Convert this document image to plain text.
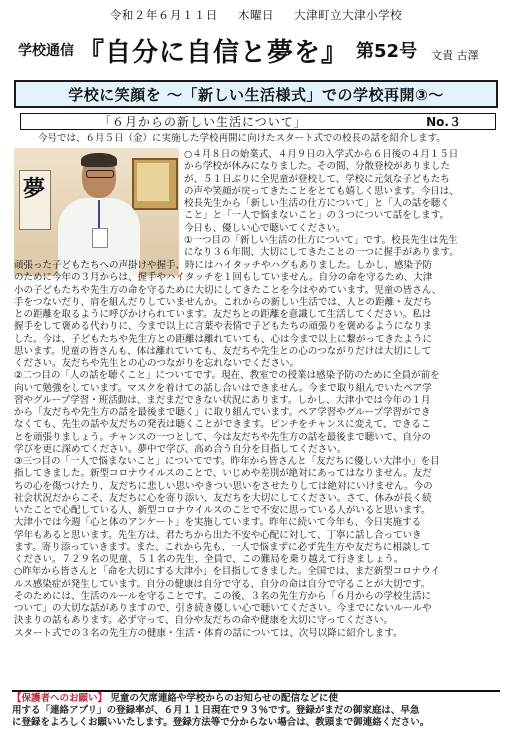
令和２年６月１１日 木曜日 大津町立大津小学校
学校通信 『自分に自信と夢を』 第52号 文責 古澤
学校に笑顔を 〜「新しい生活様式」での学校再開③〜
「６月からの新しい生活について」	No.３
今号では、６月５日（金）に実施した学校再開に向けたスタート式での校長の話を紹介します。
夢
○４月８日の始業式、４月９日の入学式から６日後の４月１５日
から学校が休みになりました。その間、分散登校がありました
が、５１日ぶりに全児童が登校して、学校に元気な子どもたち
の声や笑顔が戻ってきたことをとても嬉しく思います。今日は、
校長先生から「新しい生活の仕方について」と「人の話を聴く
こと」と「一人で悩まないこと」の３つについて話をします。
今日も、優しい心で聴いてください。
①一つ目の「新しい生活の仕方について」です。校長先生は先生
になり３６年間、大切にしてきたことの一つに握手があります。
頑張った子どもたちへの声掛けや握手、時にはハイタッチやハグもありました。しかし、感染予防
のために今年の３月からは、握手やハイタッチを１回もしていません。自分の命を守るため、大津
小の子どもたちや先生方の命を守るために大切にしてきたことを今はやめています。児童の皆さん、
手をつないだり、肩を組んだりしていませんか。これからの新しい生活では、人との距離・友だち
との距離を取るように呼びかけられています。友だちとの距離を意識して生活してください。私は
握手をして褒める代わりに、今まで以上に言葉や表情で子どもたちの頑張りを褒めるようになりま
した。今は、子どもたちや先生方との距離は離れていても、心は今まで以上に繋がってきたように
思います。児童の皆さんも、体は離れていても、友だちや先生との心のつながりだけは大切にして
ください。友だちや先生との心のつながりを忘れないでください。
②二つ目の「人の話を聴くこと」についてです。現在、教室での授業は感染予防のために全員が前を
向いて勉強をしています。マスクを着けての話し合いはできません。今まで取り組んでいたペア学
習やグループ学習・班活動は、まだまだできない状況にあります。しかし、大津小では今年の１月
から「友だちや先生方の話を最後まで聴く」に取り組んでいます。ペア学習やグループ学習ができ
なくても、先生の話や友だちの発表は聴くことができます。ピンチをチャンスに変えて、できるこ
とを頑張りましょう。チャンスの一つとして、今は友だちや先生方の話を最後まで聴いて、自分の
学びを更に深めてください。夢中で学び、高め合う自分を目指してください。
③三つ目の「一人で悩まないこと」についてです。昨年から皆さんと「友だちに優しい大津小」を目
指してきました。新型コロナウイルスのことで、いじめや差別が絶対にあってはなりません。友だ
ちの心を傷つけたり、友だちに悲しい思いやきつい思いをさせたりしては絶対にいけません。今の
社会状況だからこそ、友だちに心を寄り添い、友だちを大切にしてください。さて、休みが長く続
いたことで心配している人、新型コロナウイルスのことで不安に思っている人がいると思います。
大津小では今週「心と体のアンケート」を実施しています。昨年に続いて今年も、今日実施する
学年もあると思います。先生方は、君たちから出た不安や心配に対して、丁寧に話し合っていき
ます。寄り添っていきます。また、これから先も、一人で悩まずに必ず先生方や友だちに相談して
ください。７２９名の児童、５１名の先生、全員で、この難局を乗り越えて行きましょう。
○昨年から皆さんと「命を大切にする大津小」を目指してきました。全国では、まだ新型コロナウイ
ルス感染症が発生しています。自分の健康は自分で守る、自分の命は自分で守ることが大切です。
そのためには、生活のルールを守ることです。この後、３名の先生方から「６月からの学校生活に
ついて」の大切な話がありますので、引き続き優しい心で聴いてください。今までにないルールや
決まりの話もあります。必ず守って、自分や友だちの命や健康を大切に守ってください。
スタート式での３名の先生方の健康・生活・体育の話については、次号以降に紹介します。
【保護者へのお願い】 児童の欠席連絡や学校からのお知らせの配信などに使
用する「連絡アプリ」の登録率が、６月１１日現在で９３％です。登録がまだの御家庭は、早急
に登録をよろしくお願いいたします。登録方法等で分からない場合は、教頭まで御連絡ください。
